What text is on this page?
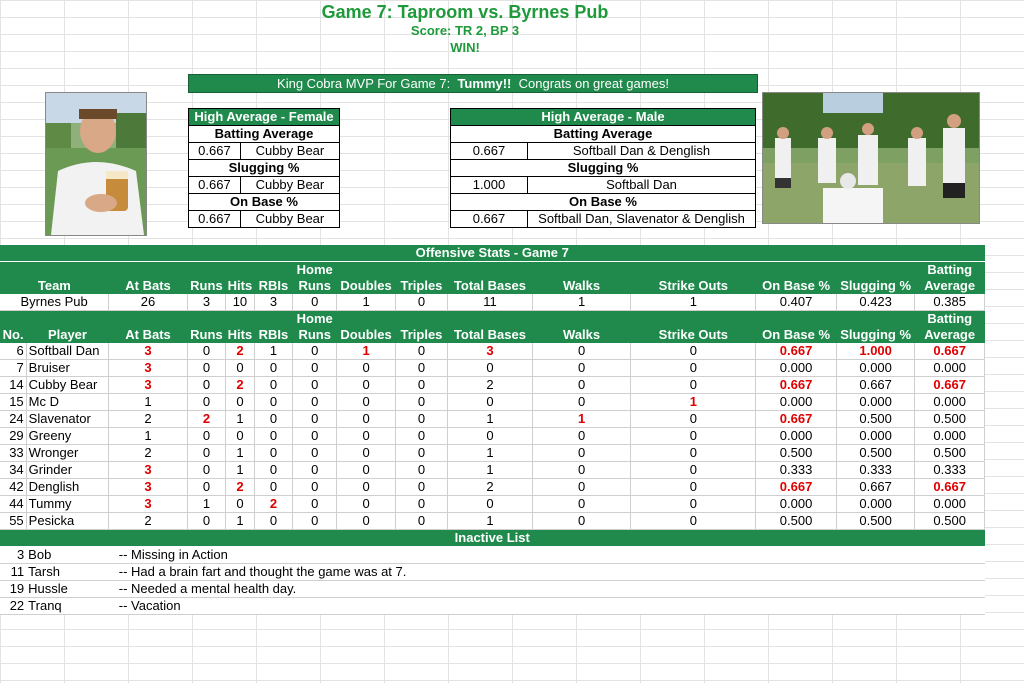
Game 7: Taproom vs. Byrnes Pub
Score: TR 2, BP 3
WIN!
King Cobra MVP For Game 7: Tummy!! Congrats on great games!
High Average - Female	
Batting Average	
0.667	Cubby Bear
Slugging %	
0.667	Cubby Bear
On Base %	
0.667	Cubby Bear
High Average - Male	
Batting Average	
0.667	Softball Dan & Denglish
Slugging %	
1.000	Softball Dan
On Base %	
0.667	Softball Dan, Slavenator & Denglish
Offensive Stats - Game 7														
						Home								Batting
Team		At Bats	Runs	Hits	RBIs	Runs	Doubles	Triples	Total Bases	Walks	Strike Outs	On Base %	Slugging %	Average
Byrnes Pub		26	3	10	3	0	1	0	11	1	1	0.407	0.423	0.385
						Home								Batting
No.	Player	At Bats	Runs	Hits	RBIs	Runs	Doubles	Triples	Total Bases	Walks	Strike Outs	On Base %	Slugging %	Average
6	Softball Dan	3	0	2	1	0	1	0	3	0	0	0.667	1.000	0.667
7	Bruiser	3	0	0	0	0	0	0	0	0	0	0.000	0.000	0.000
14	Cubby Bear	3	0	2	0	0	0	0	2	0	0	0.667	0.667	0.667
15	Mc D	1	0	0	0	0	0	0	0	0	1	0.000	0.000	0.000
24	Slavenator	2	2	1	0	0	0	0	1	1	0	0.667	0.500	0.500
29	Greeny	1	0	0	0	0	0	0	0	0	0	0.000	0.000	0.000
33	Wronger	2	0	1	0	0	0	0	1	0	0	0.500	0.500	0.500
34	Grinder	3	0	1	0	0	0	0	1	0	0	0.333	0.333	0.333
42	Denglish	3	0	2	0	0	0	0	2	0	0	0.667	0.667	0.667
44	Tummy	3	1	0	2	0	0	0	0	0	0	0.000	0.000	0.000
55	Pesicka	2	0	1	0	0	0	0	1	0	0	0.500	0.500	0.500
Inactive List														
3	Bob	-- Missing in Action												
11	Tarsh	-- Had a brain fart and thought the game was at 7.												
19	Hussle	-- Needed a mental health day.												
22	Tranq	-- Vacation												
